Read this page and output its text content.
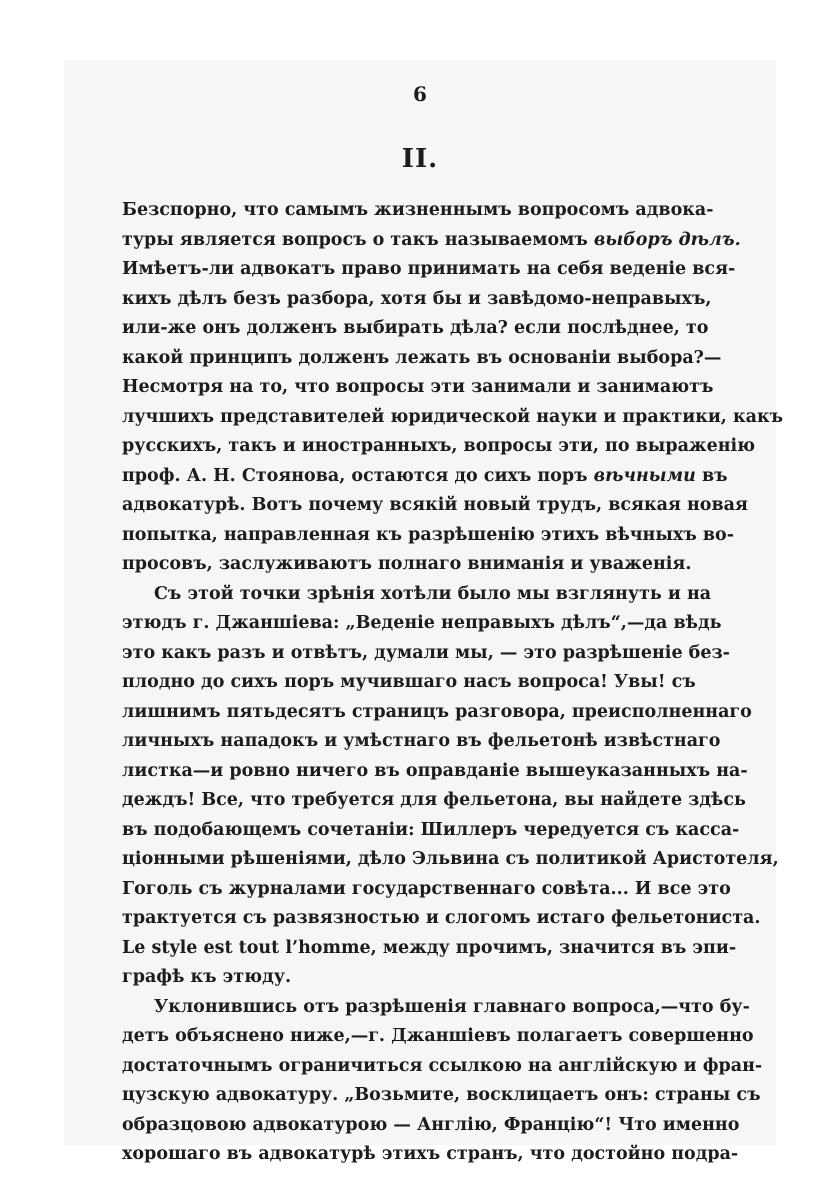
6
II.
Безспорно, что самымъ жизненнымъ вопросомъ адвока-
туры является вопросъ о такъ называемомъ выборъ дѣлъ.
Имѣетъ-ли адвокатъ право принимать на себя веденіе вся-
кихъ дѣлъ безъ разбора, хотя бы и завѣдомо-неправыхъ,
или-же онъ долженъ выбирать дѣла? если послѣднее, то
какой принципъ долженъ лежать въ основаніи выбора?—
Несмотря на то, что вопросы эти занимали и занимаютъ
лучшихъ представителей юридической науки и практики, какъ
русскихъ, такъ и иностранныхъ, вопросы эти, по выраженію
проф. А. Н. Стоянова, остаются до сихъ поръ вѣчными въ
адвокатурѣ. Вотъ почему всякій новый трудъ, всякая новая
попытка, направленная къ разрѣшенію этихъ вѣчныхъ во-
просовъ, заслуживаютъ полнаго вниманія и уваженія.
Съ этой точки зрѣнія хотѣли было мы взглянуть и на
этюдъ г. Джаншіева: „Веденіе неправыхъ дѣлъ“,—да вѣдь
это какъ разъ и отвѣтъ, думали мы, — это разрѣшеніе без-
плодно до сихъ поръ мучившаго насъ вопроса! Увы! съ
лишнимъ пятьдесятъ страницъ разговора, преисполненнаго
личныхъ нападокъ и умѣстнаго въ фельетонѣ извѣстнаго
листка—и ровно ничего въ оправданіе вышеуказанныхъ на-
деждъ! Все, что требуется для фельетона, вы найдете здѣсь
въ подобающемъ сочетаніи: Шиллеръ чередуется съ касса-
ціонными рѣшеніями, дѣло Эльвина съ политикой Аристотеля,
Гоголь съ журналами государственнаго совѣта... И все это
трактуется съ развязностью и слогомъ истаго фельетониста.
Le style est tout l’homme, между прочимъ, значится въ эпи-
графѣ къ этюду.
Уклонившись отъ разрѣшенія главнаго вопроса,—что бу-
детъ объяснено ниже,—г. Джаншіевъ полагаетъ совершенно
достаточнымъ ограничиться ссылкою на англійскую и фран-
цузскую адвокатуру. „Возьмите, восклицаетъ онъ: страны съ
образцовою адвокатурою — Англію, Францію“! Что именно
хорошаго въ адвокатурѣ этихъ странъ, что достойно подра-
